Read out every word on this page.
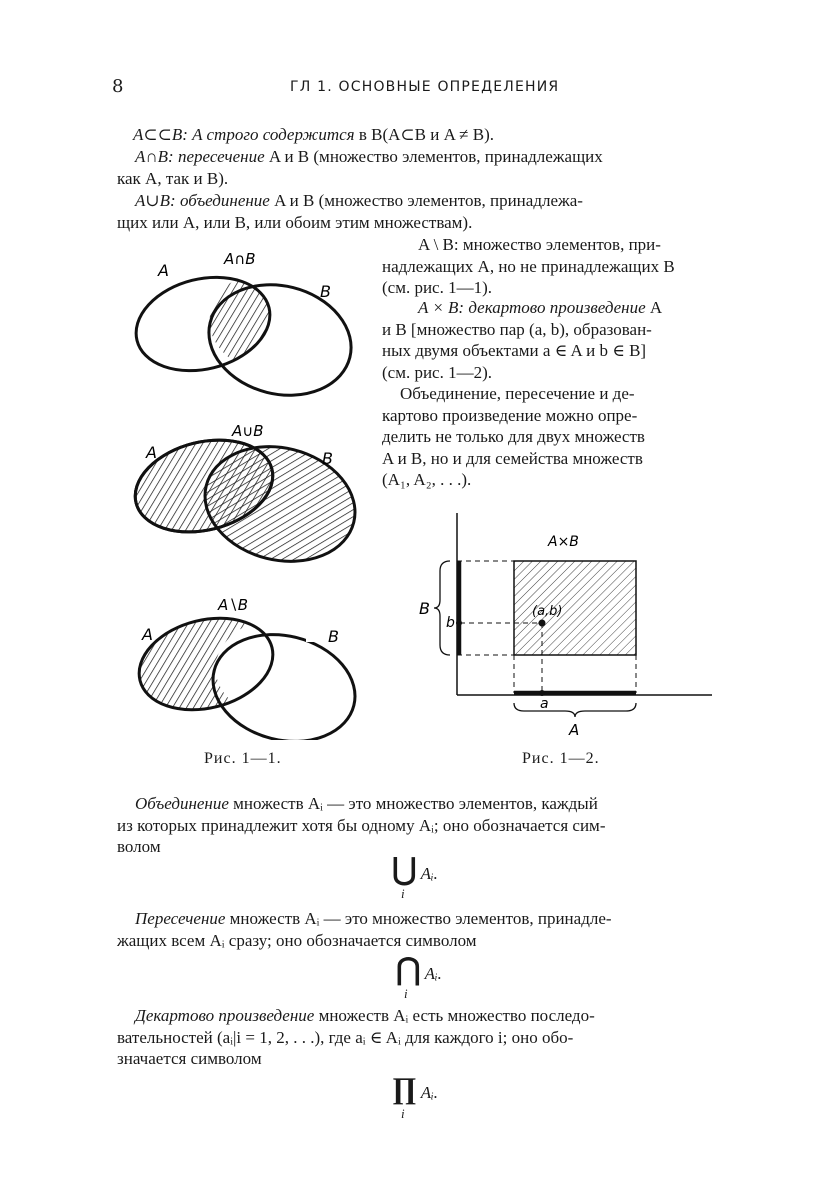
8	ГЛ 1. ОСНОВНЫЕ ОПРЕДЕЛЕНИЯ
A⊂⊂B: A строго содержится в B(A⊂B и A ≠ B).
A∩B: пересечение A и B (множество элементов, принадлежащих
как A, так и B).
A∪B: объединение A и B (множество элементов, принадлежа-
щих или A, или B, или обоим этим множествам).
A \ B: множество элементов, при-
надлежащих A, но не принадлежащих B
(см. рис. 1—1).
A × B: декартово произведение A
и B [множество пар (a, b), образован-
ных двумя объектами a ∈ A и b ∈ B]
(см. рис. 1—2).
Объединение, пересечение и де-
картово произведение можно опре-
делить не только для двух множеств
A и B, но и для семейства множеств
(A₁, A₂, . . .).
A∩B
A
B
A∪B
A	B
A∖B
A	B
Рис. 1—1.
A×B
B
b
(a,b)
a
A
Рис. 1—2.
Объединение множеств Aᵢ — это множество элементов, каждый
из которых принадлежит хотя бы одному Aᵢ; оно обозначается сим-
волом
⋃ Aᵢ.
i
Пересечение множеств Aᵢ — это множество элементов, принадле-
жащих всем Aᵢ сразу; оно обозначается символом
⋂ Aᵢ.
i
Декартово произведение множеств Aᵢ есть множество последо-
вательностей (aᵢ|i = 1, 2, . . .), где aᵢ ∈ Aᵢ для каждого i; оно обо-
значается символом
∏ Aᵢ.
i
